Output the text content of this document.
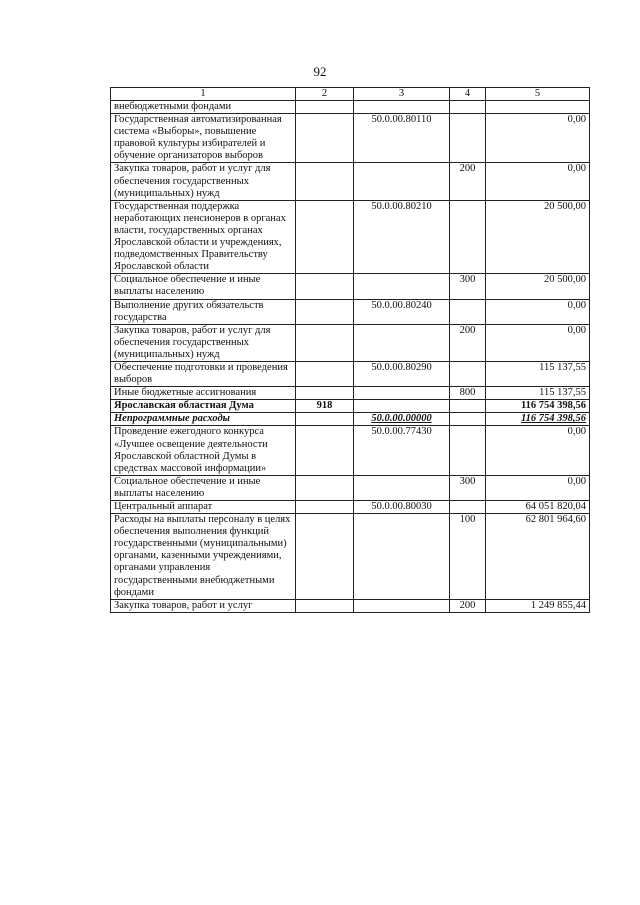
92
1	2	3	4	5
внебюджетными фондами				
Государственная автоматизированная система «Выборы», повышение правовой культуры избирателей и обучение организаторов выборов		50.0.00.80110		0,00
Закупка товаров, работ и услуг для обеспечения государственных (муниципальных) нужд			200	0,00
Государственная поддержка неработающих пенсионеров в органах власти, государственных органах Ярославской области и учреждениях, подведомственных Правительству Ярославской области		50.0.00.80210		20 500,00
Социальное обеспечение и иные выплаты населению			300	20 500,00
Выполнение других обязательств государства		50.0.00.80240		0,00
Закупка товаров, работ и услуг для обеспечения государственных (муниципальных) нужд			200	0,00
Обеспечение подготовки и проведения выборов		50.0.00.80290		115 137,55
Иные бюджетные ассигнования			800	115 137,55
Ярославская областная Дума	918			116 754 398,56
Непрограммные расходы		50.0.00.00000		116 754 398,56
Проведение ежегодного конкурса «Лучшее освещение деятельности Ярославской областной Думы в средствах массовой информации»		50.0.00.77430		0,00
Социальное обеспечение и иные выплаты населению			300	0,00
Центральный аппарат		50.0.00.80030		64 051 820,04
Расходы на выплаты персоналу в целях обеспечения выполнения функций государственными (муниципальными) органами, казенными учреждениями, органами управления государственными внебюджетными фондами			100	62 801 964,60
Закупка товаров, работ и услуг			200	1 249 855,44
